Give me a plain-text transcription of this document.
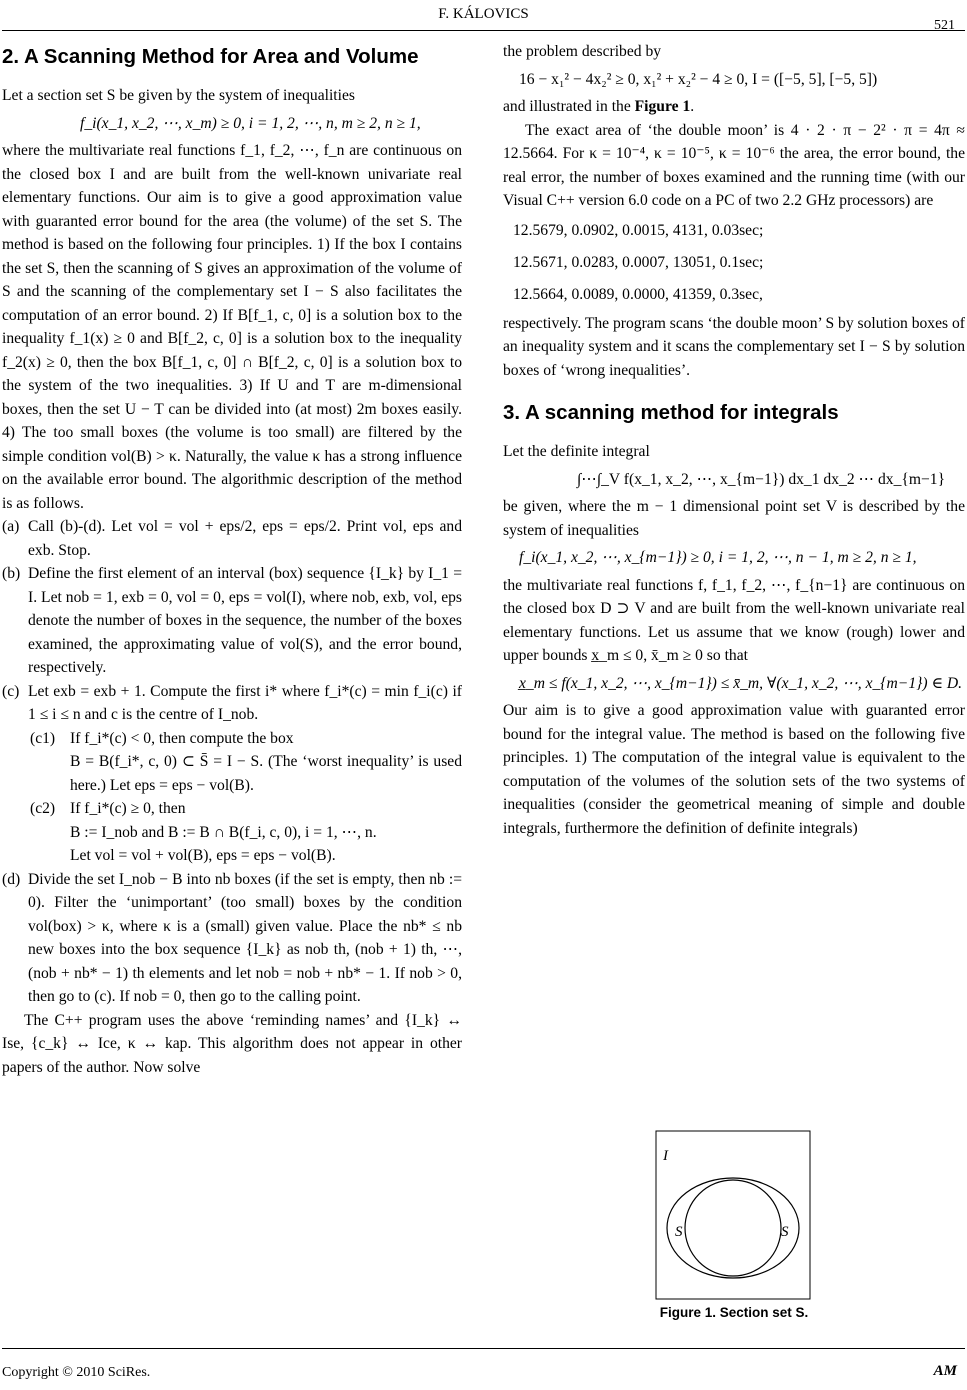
F. KÁLOVICS
521
2. A Scanning Method for Area and Volume

Let a section set S be given by the system of inequalities

f_i(x_1, x_2, ⋯, x_m) ≥ 0, i = 1, 2, ⋯, n, m ≥ 2, n ≥ 1,

where the multivariate real functions f_1, f_2, ⋯, f_n are continuous on the closed box I and are built from the well-known univariate real elementary functions. Our aim is to give a good approximation value with guaranted error bound for the area (the volume) of the set S. The method is based on the following four principles. 1) If the box I contains the set S, then the scanning of S gives an approximation of the volume of S and the scanning of the complementary set I − S also facilitates the computation of an error bound. 2) If B[f_1, c, 0] is a solution box to the inequality f_1(x) ≥ 0 and B[f_2, c, 0] is a solution box to the inequality f_2(x) ≥ 0, then the box B[f_1, c, 0] ∩ B[f_2, c, 0] is a solution box to the system of the two inequalities. 3) If U and T are m-dimensional boxes, then the set U − T can be divided into (at most) 2m boxes easily. 4) The too small boxes (the volume is too small) are filtered by the simple condition vol(B) > κ. Naturally, the value κ has a strong influence on the available error bound. The algorithmic description of the method is as follows.

(a) Call (b)-(d). Let vol = vol + eps/2, eps = eps/2. Print vol, eps and exb. Stop.
(b) Define the first element of an interval (box) sequence {I_k} by I_1 = I. Let nob = 1, exb = 0, vol = 0, eps = vol(I), where nob, exb, vol, eps denote the number of boxes in the sequence, the number of the boxes examined, the approximating value of vol(S), and the error bound, respectively.
(c) Let exb = exb + 1. Compute the first i* where f_i*(c) = min f_i(c) if 1 ≤ i ≤ n and c is the centre of I_nob.
(c1) If f_i*(c) < 0, then compute the box
B = B(f_i*, c, 0) ⊂ S̄ = I − S. (The ‘worst inequality’ is used here.) Let eps = eps − vol(B).
(c2) If f_i*(c) ≥ 0, then
B := I_nob and B := B ∩ B(f_i, c, 0), i = 1, ⋯, n.
Let vol = vol + vol(B), eps = eps − vol(B).
(d) Divide the set I_nob − B into nb boxes (if the set is empty, then nb := 0). Filter the ‘unimportant’ (too small) boxes by the condition vol(box) > κ, where κ is a (small) given value. Place the nb* ≤ nb new boxes into the box sequence {I_k} as nob th, (nob + 1) th, ⋯, (nob + nb* − 1) th elements and let nob = nob + nb* − 1. If nob > 0, then go to (c). If nob = 0, then go to the calling point.

The C++ program uses the above ‘reminding names’ and {I_k} ↔ Ise, {c_k} ↔ Ice, κ ↔ kap. This algorithm does not appear in other papers of the author. Now solve

the problem described by

16 − x₁² − 4x₂² ≥ 0, x₁² + x₂² − 4 ≥ 0, I = ([−5, 5], [−5, 5])

and illustrated in the Figure 1.

The exact area of ‘the double moon’ is 4 · 2 · π − 2² · π = 4π ≈ 12.5664. For κ = 10⁻⁴, κ = 10⁻⁵, κ = 10⁻⁶ the area, the error bound, the real error, the number of boxes examined and the running time (with our Visual C++ version 6.0 code on a PC of two 2.2 GHz processors) are

12.5679, 0.0902, 0.0015, 4131, 0.03sec;
12.5671, 0.0283, 0.0007, 13051, 0.1sec;
12.5664, 0.0089, 0.0000, 41359, 0.3sec,

respectively. The program scans ‘the double moon’ S by solution boxes of an inequality system and it scans the complementary set I − S by solution boxes of ‘wrong inequalities’.

3. A scanning method for integrals

Let the definite integral

∫⋯∫_V f(x_1, x_2, ⋯, x_{m−1}) dx_1 dx_2 ⋯ dx_{m−1}

be given, where the m − 1 dimensional point set V is described by the system of inequalities

f_i(x_1, x_2, ⋯, x_{m−1}) ≥ 0, i = 1, 2, ⋯, n − 1, m ≥ 2, n ≥ 1,

the multivariate real functions f, f_1, f_2, ⋯, f_{n−1} are continuous on the closed box D ⊃ V and are built from the well-known univariate real elementary functions. Let us assume that we know (rough) lower and upper bounds x̲_m ≤ 0, x̄_m ≥ 0 so that

x̲_m ≤ f(x_1, x_2, ⋯, x_{m−1}) ≤ x̄_m, ∀(x_1, x_2, ⋯, x_{m−1}) ∈ D.

Our aim is to give a good approximation value with guaranted error bound for the integral value. The method is based on the following five principles. 1) The computation of the integral value is equivalent to the computation of the volumes of the solution sets of the two systems of inequalities (consider the geometrical meaning of simple and double integrals, furthermore the definition of definite integrals)

I
S	S
Figure 1. Section set S.
Copyright © 2010 SciRes.	AM
